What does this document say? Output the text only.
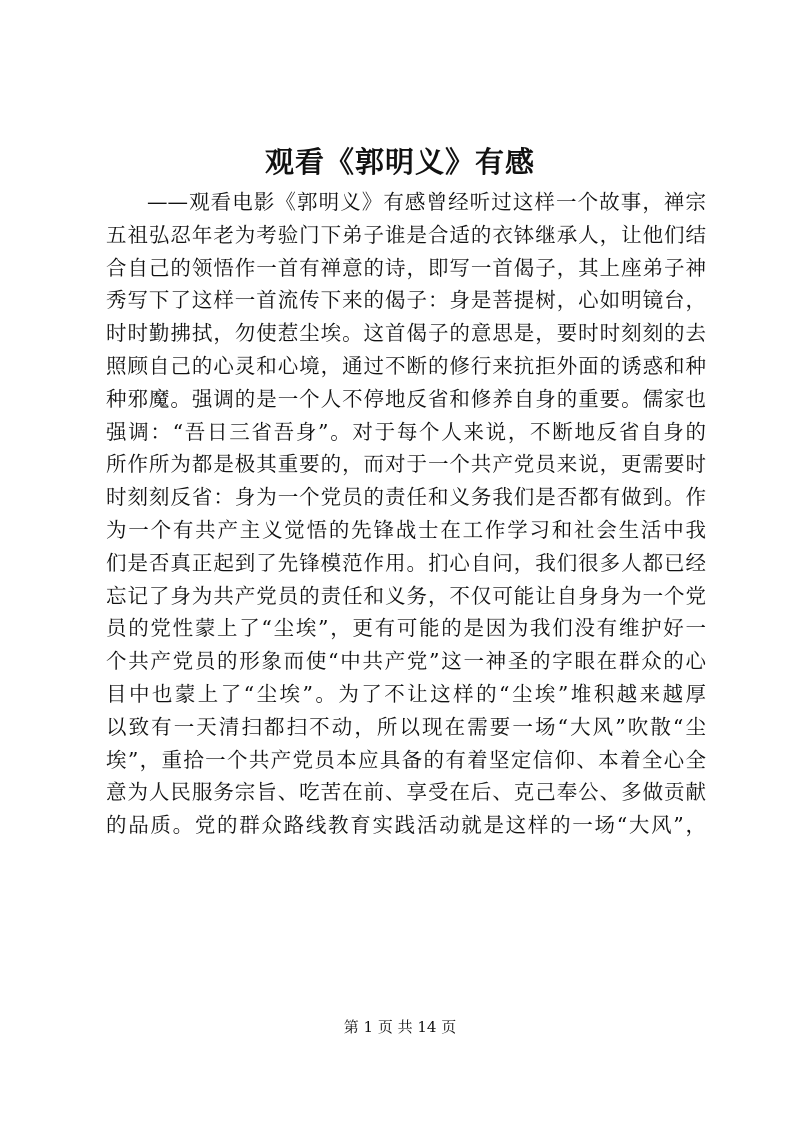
观看《郭明义》有感
——观看电影《郭明义》有感曾经听过这样一个故事，禅宗
五祖弘忍年老为考验门下弟子谁是合适的衣钵继承人，让他们结
合自己的领悟作一首有禅意的诗，即写一首偈子，其上座弟子神
秀写下了这样一首流传下来的偈子：身是菩提树，心如明镜台，
时时勤拂拭，勿使惹尘埃。这首偈子的意思是，要时时刻刻的去
照顾自己的心灵和心境，通过不断的修行来抗拒外面的诱惑和种
种邪魔。强调的是一个人不停地反省和修养自身的重要。儒家也
强调：“吾日三省吾身”。对于每个人来说，不断地反省自身的
所作所为都是极其重要的，而对于一个共产党员来说，更需要时
时刻刻反省：身为一个党员的责任和义务我们是否都有做到。作
为一个有共产主义觉悟的先锋战士在工作学习和社会生活中我
们是否真正起到了先锋模范作用。扪心自问，我们很多人都已经
忘记了身为共产党员的责任和义务，不仅可能让自身身为一个党
员的党性蒙上了“尘埃”，更有可能的是因为我们没有维护好一
个共产党员的形象而使“中共产党”这一神圣的字眼在群众的心
目中也蒙上了“尘埃”。为了不让这样的“尘埃”堆积越来越厚
以致有一天清扫都扫不动，所以现在需要一场“大风”吹散“尘
埃”，重拾一个共产党员本应具备的有着坚定信仰、本着全心全
意为人民服务宗旨、吃苦在前、享受在后、克己奉公、多做贡献
的品质。党的群众路线教育实践活动就是这样的一场“大风”，
第 1 页 共 14 页
